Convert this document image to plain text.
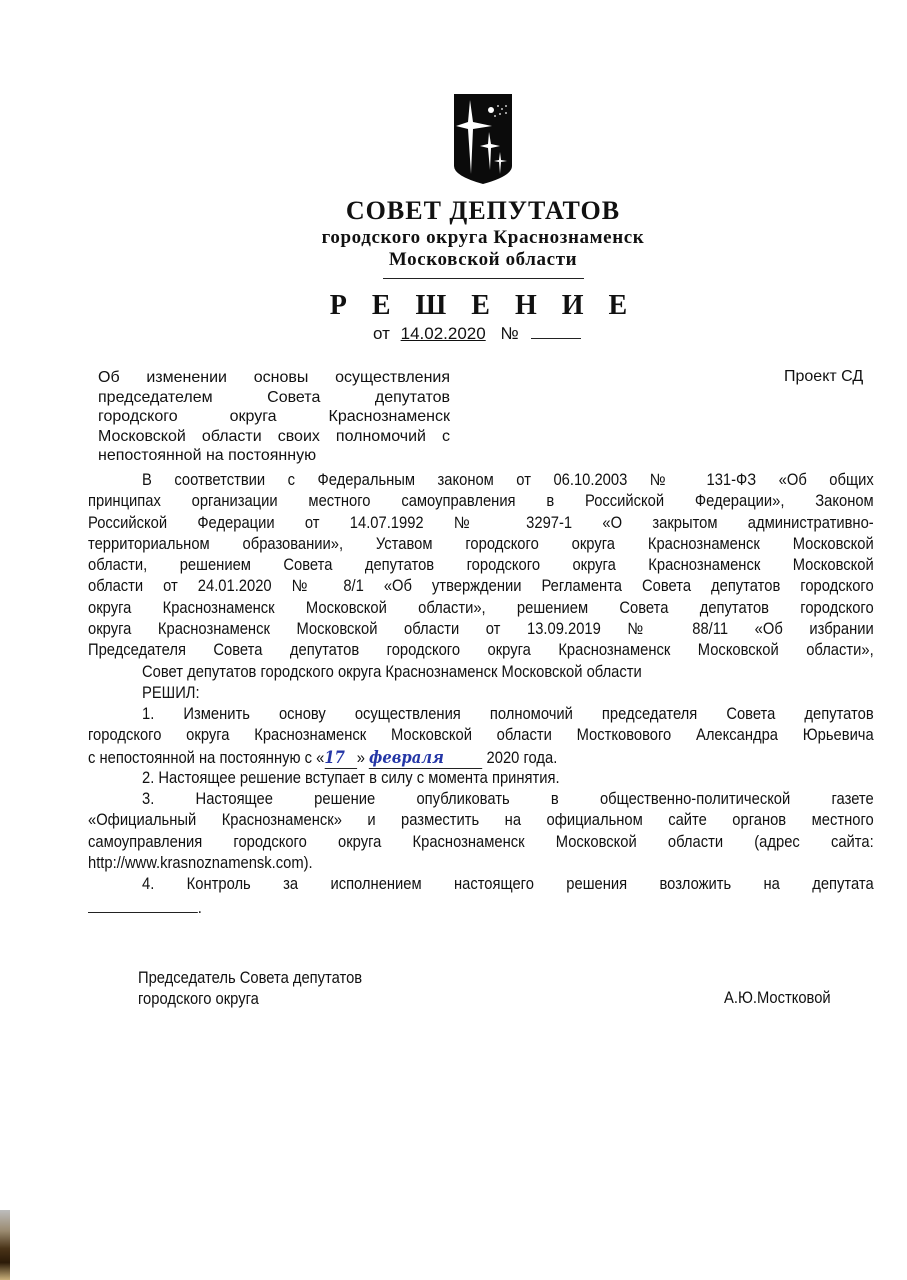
СОВЕТ ДЕПУТАТОВ
городского округа Краснознаменск
Московской области
Р Е Ш Е Н И Е
от 14.02.2020 №
Об изменении основы осуществления
председателем Совета депутатов
городского округа Краснознаменск
Московской области своих полномочий с
непостоянной на постоянную
Проект СД
В соответствии с Федеральным законом от 06.10.2003 № 131-ФЗ «Об общих
принципах организации местного самоуправления в Российской Федерации», Законом
Российской Федерации от 14.07.1992 № 3297-1 «О закрытом административно-
территориальном образовании», Уставом городского округа Краснознаменск Московской
области, решением Совета депутатов городского округа Краснознаменск Московской
области от 24.01.2020 № 8/1 «Об утверждении Регламента Совета депутатов городского
округа Краснознаменск Московской области», решением Совета депутатов городского
округа Краснознаменск Московской области от 13.09.2019 № 88/11 «Об избрании
Председателя Совета депутатов городского округа Краснознаменск Московской области»,
Совет депутатов городского округа Краснознаменск Московской области
РЕШИЛ:
1. Изменить основу осуществления полномочий председателя Совета депутатов
городского округа Краснознаменск Московской области Мостковового Александра Юрьевича
с непостоянной на постоянную с «17 » февраля	2020 года.
2. Настоящее решение вступает в силу с момента принятия.
3. Настоящее решение опубликовать в общественно-политической газете
«Официальный Краснознаменск» и разместить на официальном сайте органов местного
самоуправления городского округа Краснознаменск Московской области (адрес сайта:
http://www.krasnoznamensk.com).
4. Контроль за исполнением настоящего решения возложить на депутата
.
Председатель Совета депутатов
городского округа	А.Ю.Мостковой
